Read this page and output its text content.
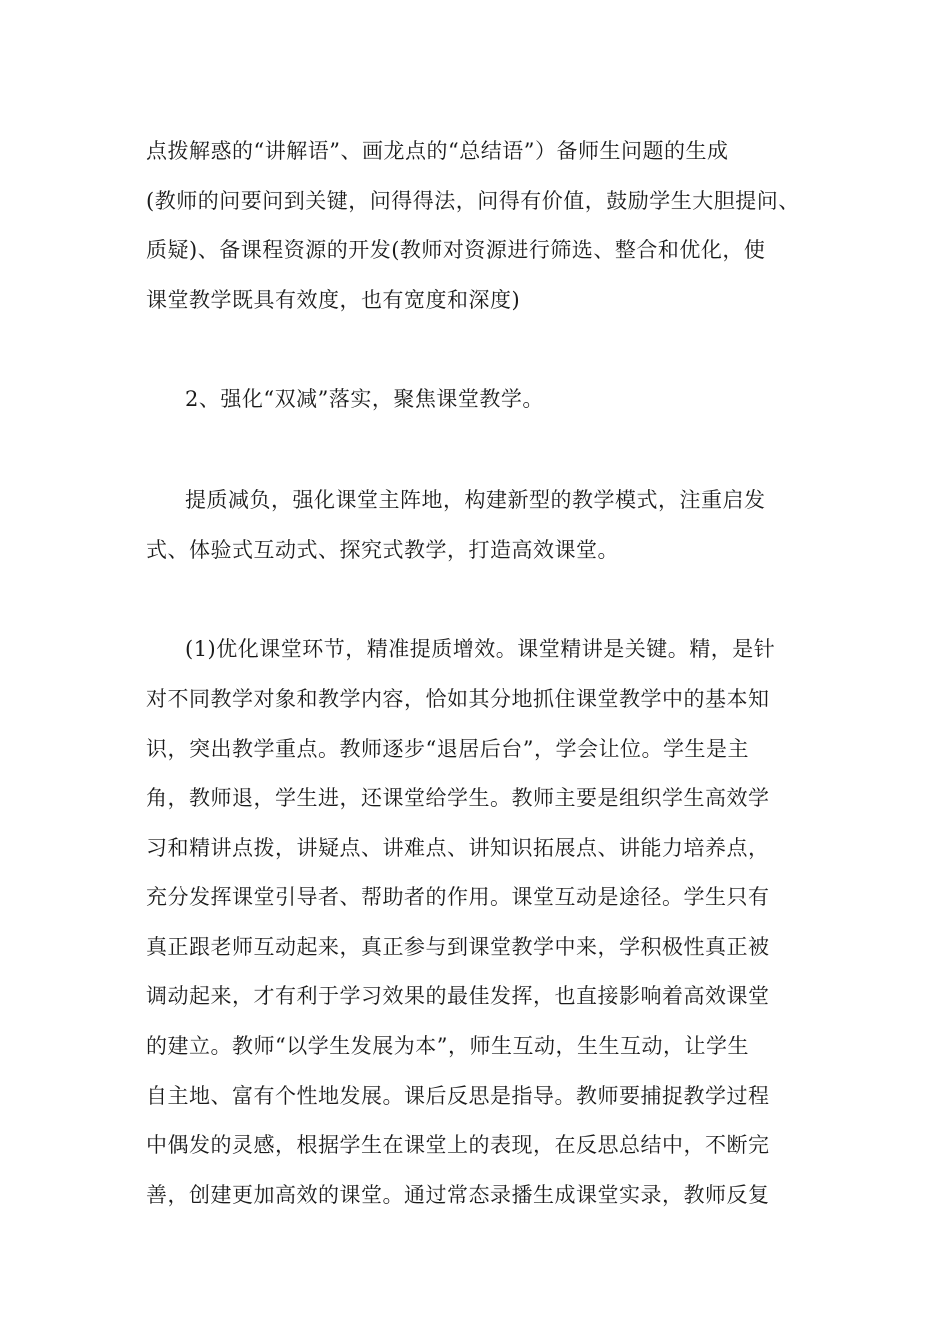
点拨解惑的“讲解语”、画龙点的“总结语”）备师生问题的生成
(教师的问要问到关键，问得得法，问得有价值，鼓励学生大胆提问、
质疑)、备课程资源的开发(教师对资源进行筛选、整合和优化，使
课堂教学既具有效度，也有宽度和深度)
2、强化“双减”落实，聚焦课堂教学。
提质减负，强化课堂主阵地，构建新型的教学模式，注重启发
式、体验式互动式、探究式教学，打造高效课堂。
(1)优化课堂环节，精准提质增效。课堂精讲是关键。精，是针
对不同教学对象和教学内容，恰如其分地抓住课堂教学中的基本知
识，突出教学重点。教师逐步“退居后台”，学会让位。学生是主
角，教师退，学生进，还课堂给学生。教师主要是组织学生高效学
习和精讲点拨，讲疑点、讲难点、讲知识拓展点、讲能力培养点，
充分发挥课堂引导者、帮助者的作用。课堂互动是途径。学生只有
真正跟老师互动起来，真正参与到课堂教学中来，学积极性真正被
调动起来，才有利于学习效果的最佳发挥，也直接影响着高效课堂
的建立。教师“以学生发展为本”，师生互动，生生互动，让学生
自主地、富有个性地发展。课后反思是指导。教师要捕捉教学过程
中偶发的灵感，根据学生在课堂上的表现，在反思总结中，不断完
善，创建更加高效的课堂。通过常态录播生成课堂实录，教师反复
